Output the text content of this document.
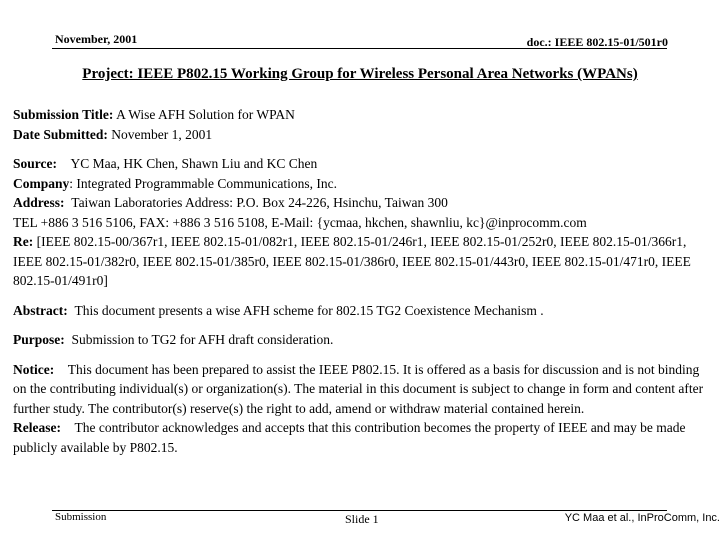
November, 2001	doc.: IEEE 802.15-01/501r0
Project: IEEE P802.15 Working Group for Wireless Personal Area Networks (WPANs)

Submission Title: A Wise AFH Solution for WPAN

Date Submitted: November 1, 2001

Source: YC Maa, HK Chen, Shawn Liu and KC Chen

Company: Integrated Programmable Communications, Inc.

Address: Taiwan Laboratories Address: P.O. Box 24-226, Hsinchu, Taiwan 300

TEL +886 3 516 5106, FAX: +886 3 516 5108, E-Mail: {ycmaa, hkchen, shawnliu, kc}@inprocomm.com

Re: [IEEE 802.15-00/367r1, IEEE 802.15-01/082r1, IEEE 802.15-01/246r1, IEEE 802.15-01/252r0, IEEE 802.15-01/366r1, IEEE 802.15-01/382r0, IEEE 802.15-01/385r0, IEEE 802.15-01/386r0, IEEE 802.15-01/443r0, IEEE 802.15-01/471r0, IEEE 802.15-01/491r0]

Abstract: This document presents a wise AFH scheme for 802.15 TG2 Coexistence Mechanism .

Purpose: Submission to TG2 for AFH draft consideration.

Notice: This document has been prepared to assist the IEEE P802.15. It is offered as a basis for discussion and is not binding on the contributing individual(s) or organization(s). The material in this document is subject to change in form and content after further study. The contributor(s) reserve(s) the right to add, amend or withdraw material contained herein.

Release: The contributor acknowledges and accepts that this contribution becomes the property of IEEE and may be made publicly available by P802.15.

Submission	Slide 1	YC Maa et al., InProComm, Inc.
